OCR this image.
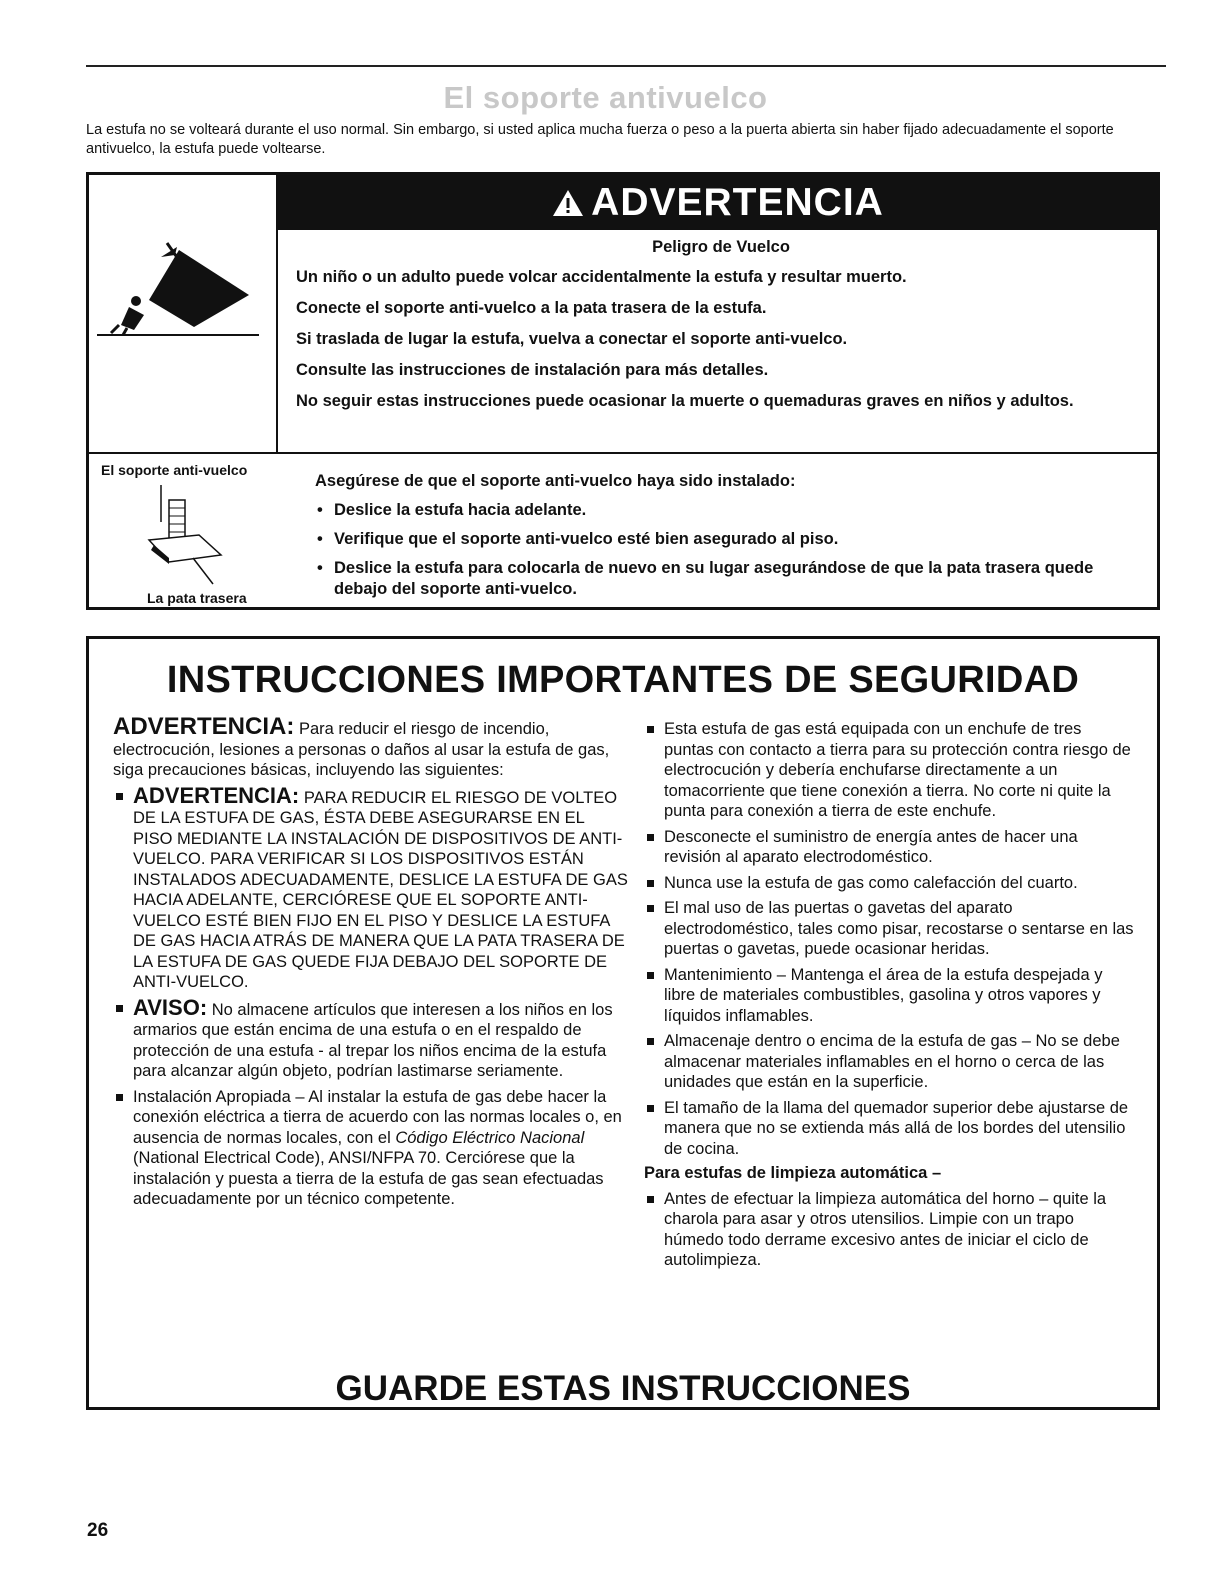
El soporte antivuelco
La estufa no se volteará durante el uso normal. Sin embargo, si usted aplica mucha fuerza o peso a la puerta abierta sin haber fijado adecuadamente el soporte antivuelco, la estufa puede voltearse.
ADVERTENCIA
Peligro de Vuelco

Un niño o un adulto puede volcar accidentalmente la estufa y resultar muerto.

Conecte el soporte anti-vuelco a la pata trasera de la estufa.

Si traslada de lugar la estufa, vuelva a conectar el soporte anti-vuelco.

Consulte las instrucciones de instalación para más detalles.

No seguir estas instrucciones puede ocasionar la muerte o quemaduras graves en niños y adultos.

El soporte anti-vuelco
La pata trasera
Asegúrese de que el soporte anti-vuelco haya sido instalado:
• Deslice la estufa hacia adelante.
• Verifique que el soporte anti-vuelco esté bien asegurado al piso.
• Deslice la estufa para colocarla de nuevo en su lugar asegurándose de que la pata trasera quede debajo del soporte anti-vuelco.
INSTRUCCIONES IMPORTANTES DE SEGURIDAD

ADVERTENCIA: Para reducir el riesgo de incendio, electrocución, lesiones a personas o daños al usar la estufa de gas, siga precauciones básicas, incluyendo las siguientes:

ADVERTENCIA: PARA REDUCIR EL RIESGO DE VOLTEO DE LA ESTUFA DE GAS, ÉSTA DEBE ASEGURARSE EN EL PISO MEDIANTE LA INSTALACIÓN DE DISPOSITIVOS DE ANTI-VUELCO. PARA VERIFICAR SI LOS DISPOSITIVOS ESTÁN INSTALADOS ADECUADAMENTE, DESLICE LA ESTUFA DE GAS HACIA ADELANTE, CERCIÓRESE QUE EL SOPORTE ANTI-VUELCO ESTÉ BIEN FIJO EN EL PISO Y DESLICE LA ESTUFA DE GAS HACIA ATRÁS DE MANERA QUE LA PATA TRASERA DE LA ESTUFA DE GAS QUEDE FIJA DEBAJO DEL SOPORTE DE ANTI-VUELCO.
AVISO: No almacene artículos que interesen a los niños en los armarios que están encima de una estufa o en el respaldo de protección de una estufa - al trepar los niños encima de la estufa para alcanzar algún objeto, podrían lastimarse seriamente.
Instalación Apropiada – Al instalar la estufa de gas debe hacer la conexión eléctrica a tierra de acuerdo con las normas locales o, en ausencia de normas locales, con el Código Eléctrico Nacional (National Electrical Code), ANSI/NFPA 70. Cerciórese que la instalación y puesta a tierra de la estufa de gas sean efectuadas adecuadamente por un técnico competente.
Esta estufa de gas está equipada con un enchufe de tres puntas con contacto a tierra para su protección contra riesgo de electrocución y debería enchufarse directamente a un tomacorriente que tiene conexión a tierra. No corte ni quite la punta para conexión a tierra de este enchufe.
Desconecte el suministro de energía antes de hacer una revisión al aparato electrodoméstico.
Nunca use la estufa de gas como calefacción del cuarto.
El mal uso de las puertas o gavetas del aparato electrodoméstico, tales como pisar, recostarse o sentarse en las puertas o gavetas, puede ocasionar heridas.
Mantenimiento – Mantenga el área de la estufa despejada y libre de materiales combustibles, gasolina y otros vapores y líquidos inflamables.
Almacenaje dentro o encima de la estufa de gas – No se debe almacenar materiales inflamables en el horno o cerca de las unidades que están en la superficie.
El tamaño de la llama del quemador superior debe ajustarse de manera que no se extienda más allá de los bordes del utensilio de cocina.
Para estufas de limpieza automática –
Antes de efectuar la limpieza automática del horno – quite la charola para asar y otros utensilios. Limpie con un trapo húmedo todo derrame excesivo antes de iniciar el ciclo de autolimpieza.
GUARDE ESTAS INSTRUCCIONES
26
